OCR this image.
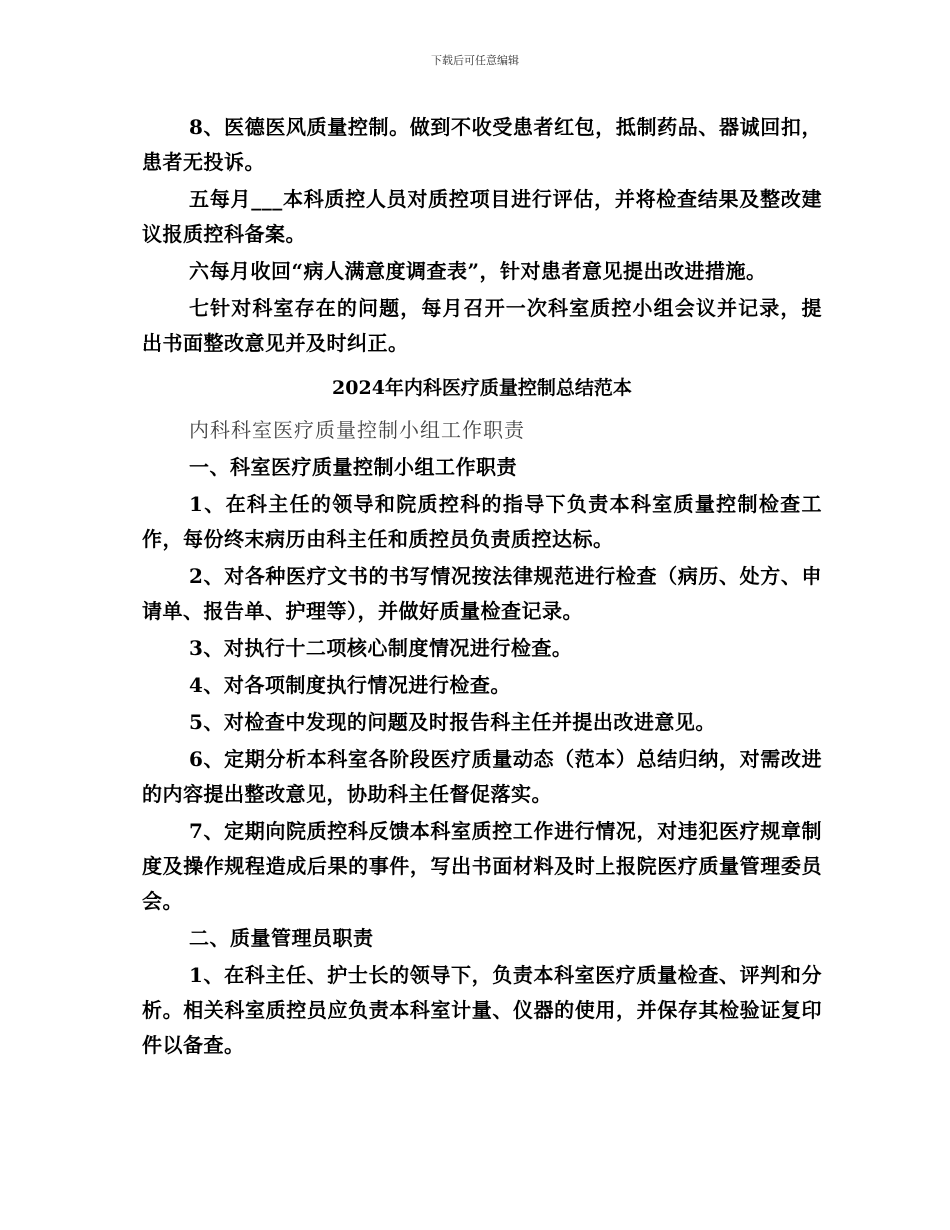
下载后可任意编辑

8、医德医风质量控制。做到不收受患者红包，抵制药品、器诚回扣，患者无投诉。

五每月___本科质控人员对质控项目进行评估，并将检查结果及整改建议报质控科备案。

六每月收回“病人满意度调查表”，针对患者意见提出改进措施。

七针对科室存在的问题，每月召开一次科室质控小组会议并记录，提出书面整改意见并及时纠正。

2024年内科医疗质量控制总结范本

内科科室医疗质量控制小组工作职责

一、科室医疗质量控制小组工作职责

1、在科主任的领导和院质控科的指导下负责本科室质量控制检查工作，每份终末病历由科主任和质控员负责质控达标。

2、对各种医疗文书的书写情况按法律规范进行检查（病历、处方、申请单、报告单、护理等），并做好质量检查记录。

3、对执行十二项核心制度情况进行检查。

4、对各项制度执行情况进行检查。

5、对检查中发现的问题及时报告科主任并提出改进意见。

6、定期分析本科室各阶段医疗质量动态（范本）总结归纳，对需改进的内容提出整改意见，协助科主任督促落实。

7、定期向院质控科反馈本科室质控工作进行情况，对违犯医疗规章制度及操作规程造成后果的事件，写出书面材料及时上报院医疗质量管理委员会。

二、质量管理员职责

1、在科主任、护士长的领导下，负责本科室医疗质量检查、评判和分析。相关科室质控员应负责本科室计量、仪器的使用，并保存其检验证复印件以备查。
